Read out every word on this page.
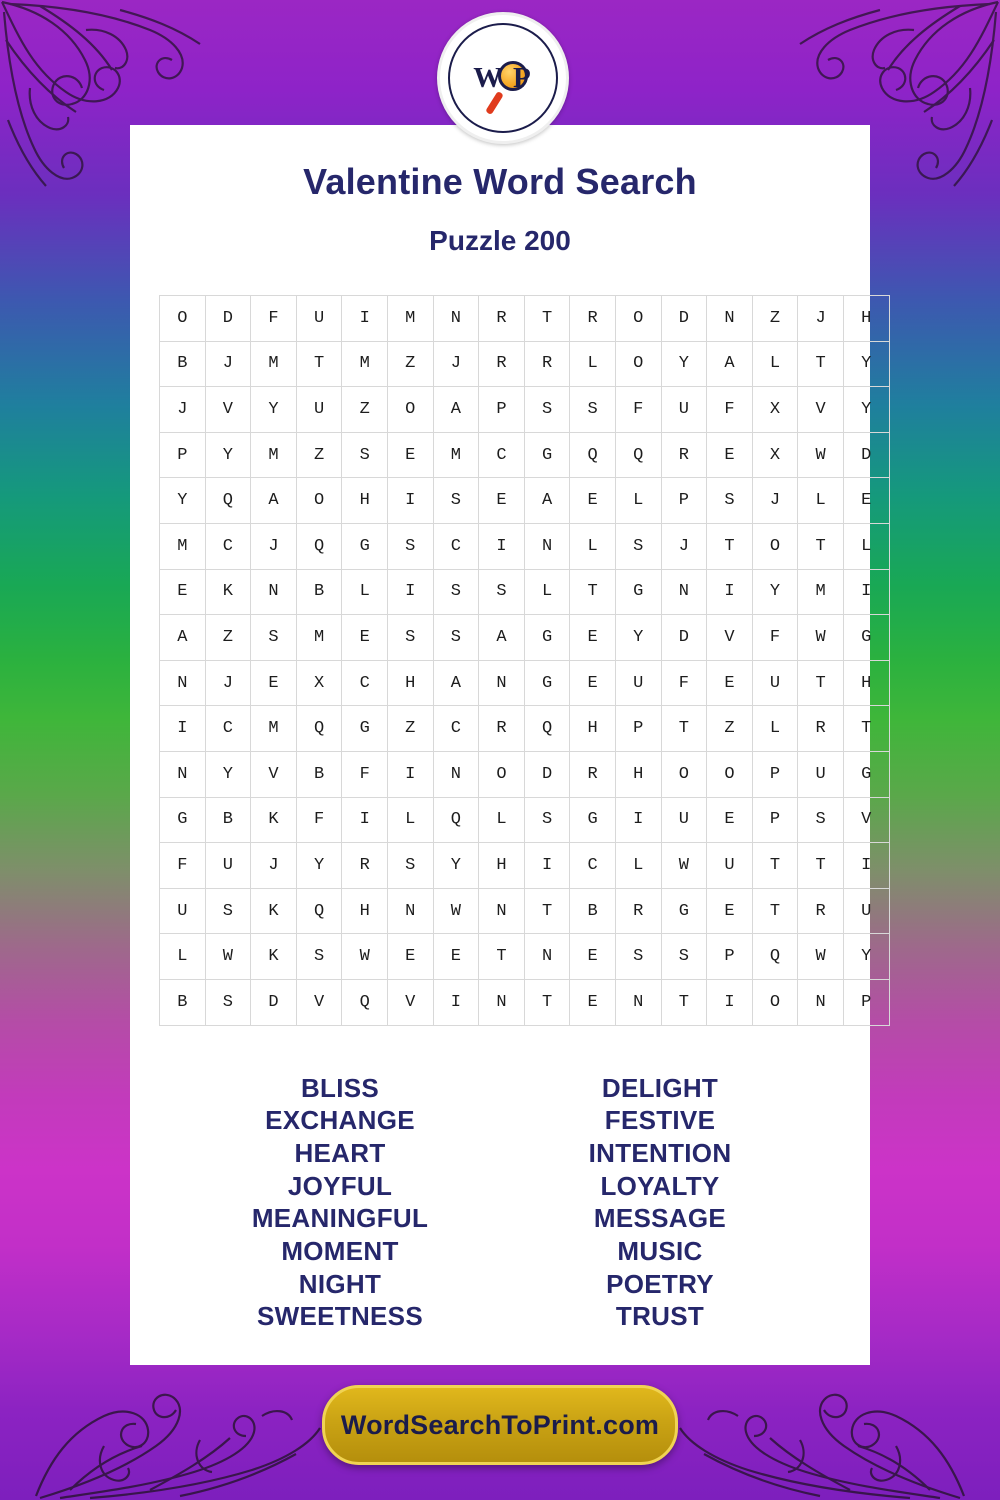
Valentine Word Search
Puzzle 200
O	D	F	U	I	M	N	R	T	R	O	D	N	Z	J	H
B	J	M	T	M	Z	J	R	R	L	O	Y	A	L	T	Y
J	V	Y	U	Z	O	A	P	S	S	F	U	F	X	V	Y
P	Y	M	Z	S	E	M	C	G	Q	Q	R	E	X	W	D
Y	Q	A	O	H	I	S	E	A	E	L	P	S	J	L	E
M	C	J	Q	G	S	C	I	N	L	S	J	T	O	T	L
E	K	N	B	L	I	S	S	L	T	G	N	I	Y	M	I
A	Z	S	M	E	S	S	A	G	E	Y	D	V	F	W	G
N	J	E	X	C	H	A	N	G	E	U	F	E	U	T	H
I	C	M	Q	G	Z	C	R	Q	H	P	T	Z	L	R	T
N	Y	V	B	F	I	N	O	D	R	H	O	O	P	U	G
G	B	K	F	I	L	Q	L	S	G	I	U	E	P	S	V
F	U	J	Y	R	S	Y	H	I	C	L	W	U	T	T	I
U	S	K	Q	H	N	W	N	T	B	R	G	E	T	R	U
L	W	K	S	W	E	E	T	N	E	S	S	P	Q	W	Y
B	S	D	V	Q	V	I	N	T	E	N	T	I	O	N	P
BLISS
EXCHANGE
HEART
JOYFUL
MEANINGFUL
MOMENT
NIGHT
SWEETNESS
DELIGHT
FESTIVE
INTENTION
LOYALTY
MESSAGE
MUSIC
POETRY
TRUST
W P
WordSearchToPrint.com
